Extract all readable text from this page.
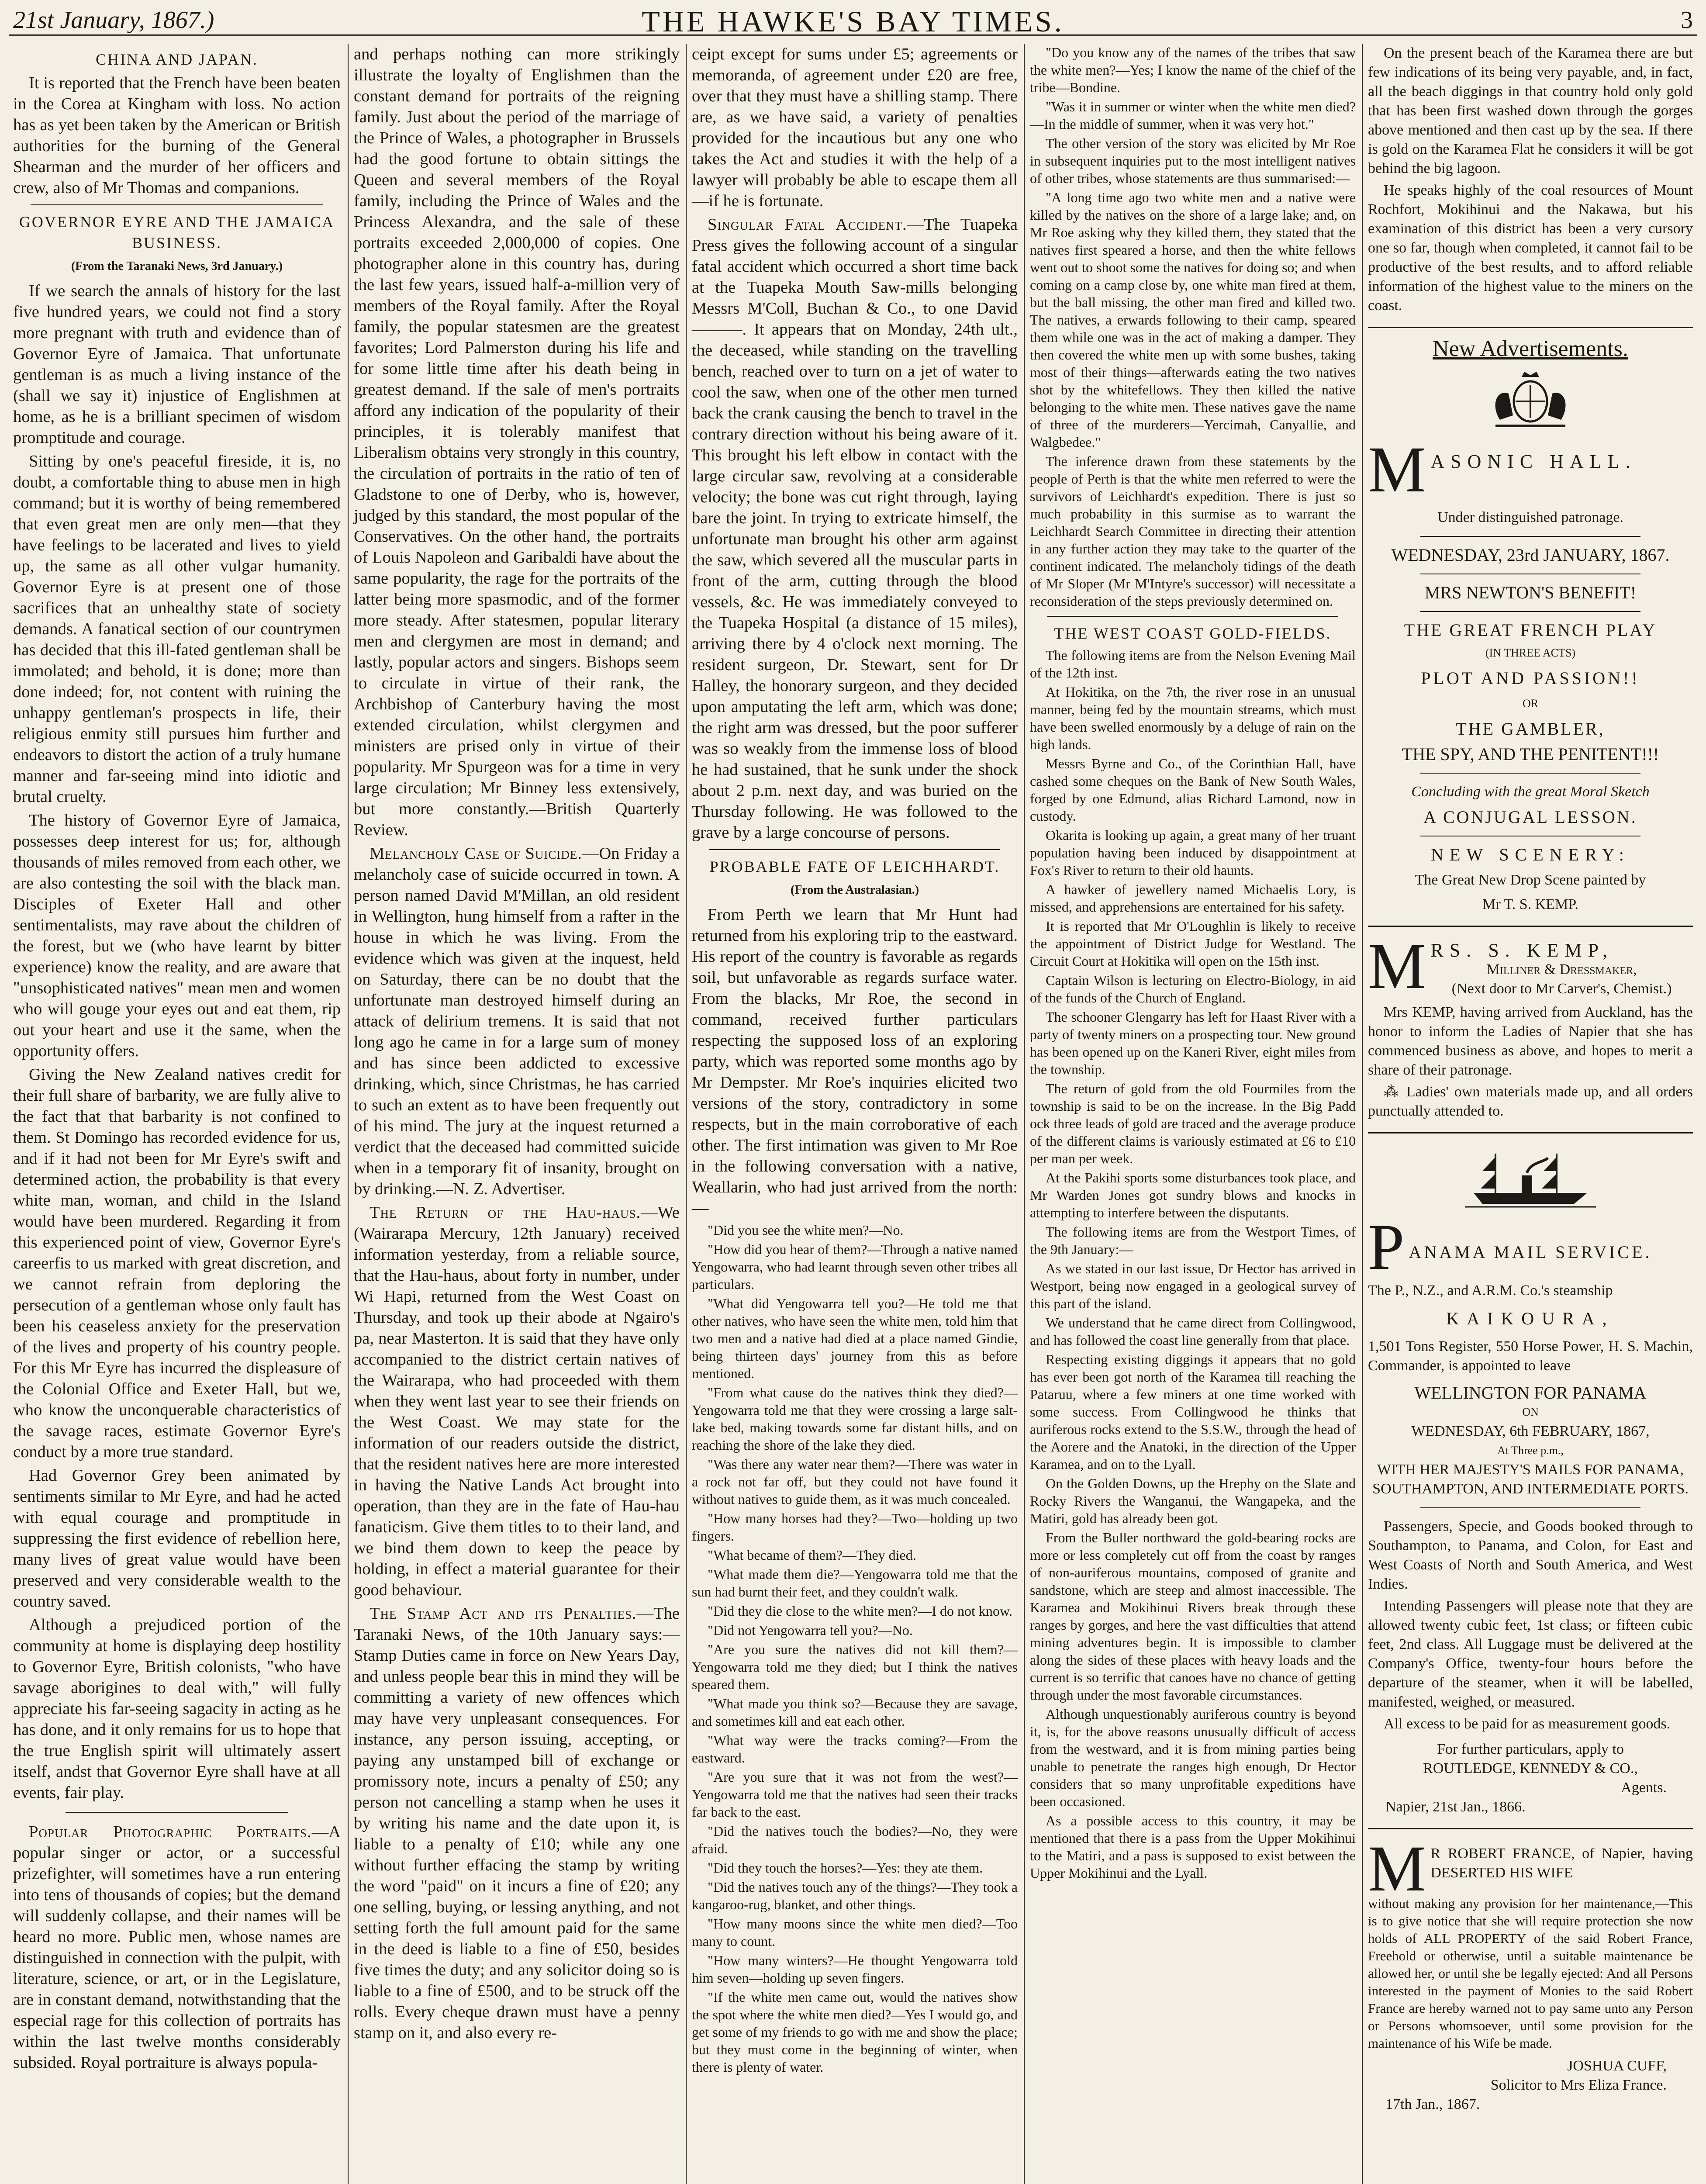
21st January, 1867.)	THE HAWKE'S BAY TIMES.	3
CHINA AND JAPAN.

It is reported that the French have been beaten in the Corea at Kingham with loss. No action has as yet been taken by the American or British authorities for the burning of the General Shearman and the murder of her officers and crew, also of Mr Thomas and companions.

GOVERNOR EYRE AND THE JAMAICA BUSINESS.
(From the Taranaki News, 3rd January.)

If we search the annals of history for the last five hundred years, we could not find a story more pregnant with truth and evidence than of Governor Eyre of Jamaica. That unfortunate gentleman is as much a living instance of the (shall we say it) injustice of Englishmen at home, as he is a brilliant specimen of wisdom promptitude and courage.

Sitting by one's peaceful fireside, it is, no doubt, a comfortable thing to abuse men in high command; but it is worthy of being remembered that even great men are only men—that they have feelings to be lacerated and lives to yield up, the same as all other vulgar humanity. Governor Eyre is at present one of those sacrifices that an unhealthy state of society demands. A fanatical section of our countrymen has decided that this ill-fated gentleman shall be immolated; and behold, it is done; more than done indeed; for, not content with ruining the unhappy gentleman's prospects in life, their religious enmity still pursues him further and endeavors to distort the action of a truly humane manner and far-seeing mind into idiotic and brutal cruelty.

The history of Governor Eyre of Jamaica, possesses deep interest for us; for, although thousands of miles removed from each other, we are also contesting the soil with the black man. Disciples of Exeter Hall and other sentimentalists, may rave about the children of the forest, but we (who have learnt by bitter experience) know the reality, and are aware that "unsophisticated natives" mean men and women who will gouge your eyes out and eat them, rip out your heart and use it the same, when the opportunity offers.

Giving the New Zealand natives credit for their full share of barbarity, we are fully alive to the fact that that barbarity is not confined to them. St Domingo has recorded evidence for us, and if it had not been for Mr Eyre's swift and determined action, the probability is that every white man, woman, and child in the Island would have been murdered. Regarding it from this experienced point of view, Governor Eyre's careerfis to us marked with great discretion, and we cannot refrain from deploring the persecution of a gentleman whose only fault has been his ceaseless anxiety for the preservation of the lives and property of his country people. For this Mr Eyre has incurred the displeasure of the Colonial Office and Exeter Hall, but we, who know the unconquerable characteristics of the savage races, estimate Governor Eyre's conduct by a more true standard.

Had Governor Grey been animated by sentiments similar to Mr Eyre, and had he acted with equal courage and promptitude in suppressing the first evidence of rebellion here, many lives of great value would have been preserved and very considerable wealth to the country saved.

Although a prejudiced portion of the community at home is displaying deep hostility to Governor Eyre, British colonists, "who have savage aborigines to deal with," will fully appreciate his far-seeing sagacity in acting as he has done, and it only remains for us to hope that the true English spirit will ultimately assert itself, andst that Governor Eyre shall have at all events, fair play.

Popular Photographic Portraits.—A popular singer or actor, or a successful prizefighter, will sometimes have a run entering into tens of thousands of copies; but the demand will suddenly collapse, and their names will be heard no more. Public men, whose names are distinguished in connection with the pulpit, with literature, science, or art, or in the Legislature, are in constant demand, notwithstanding that the especial rage for this collection of portraits has within the last twelve months considerably subsided. Royal portraiture is always popula-

and perhaps nothing can more strikingly illustrate the loyalty of Englishmen than the constant demand for portraits of the reigning family. Just about the period of the marriage of the Prince of Wales, a photographer in Brussels had the good fortune to obtain sittings the Queen and several members of the Royal family, including the Prince of Wales and the Princess Alexandra, and the sale of these portraits exceeded 2,000,000 of copies. One photographer alone in this country has, during the last few years, issued half-a-million very of members of the Royal family. After the Royal family, the popular statesmen are the greatest favorites; Lord Palmerston during his life and for some little time after his death being in greatest demand. If the sale of men's portraits afford any indication of the popularity of their principles, it is tolerably manifest that Liberalism obtains very strongly in this country, the circulation of portraits in the ratio of ten of Gladstone to one of Derby, who is, however, judged by this standard, the most popular of the Conservatives. On the other hand, the portraits of Louis Napoleon and Garibaldi have about the same popularity, the rage for the portraits of the latter being more spasmodic, and of the former more steady. After statesmen, popular literary men and clergymen are most in demand; and lastly, popular actors and singers. Bishops seem to circulate in virtue of their rank, the Archbishop of Canterbury having the most extended circulation, whilst clergymen and ministers are prised only in virtue of their popularity. Mr Spurgeon was for a time in very large circulation; Mr Binney less extensively, but more constantly.—British Quarterly Review.

Melancholy Case of Suicide.—On Friday a melancholy case of suicide occurred in town. A person named David M'Millan, an old resident in Wellington, hung himself from a rafter in the house in which he was living. From the evidence which was given at the inquest, held on Saturday, there can be no doubt that the unfortunate man destroyed himself during an attack of delirium tremens. It is said that not long ago he came in for a large sum of money and has since been addicted to excessive drinking, which, since Christmas, he has carried to such an extent as to have been frequently out of his mind. The jury at the inquest returned a verdict that the deceased had committed suicide when in a temporary fit of insanity, brought on by drinking.—N. Z. Advertiser.

The Return of the Hau-haus.—We (Wairarapa Mercury, 12th January) received information yesterday, from a reliable source, that the Hau-haus, about forty in number, under Wi Hapi, returned from the West Coast on Thursday, and took up their abode at Ngairo's pa, near Masterton. It is said that they have only accompanied to the district certain natives of the Wairarapa, who had proceeded with them when they went last year to see their friends on the West Coast. We may state for the information of our readers outside the district, that the resident natives here are more interested in having the Native Lands Act brought into operation, than they are in the fate of Hau-hau fanaticism. Give them titles to to their land, and we bind them down to keep the peace by holding, in effect a material guarantee for their good behaviour.

The Stamp Act and its Penalties.—The Taranaki News, of the 10th January says:—Stamp Duties came in force on New Years Day, and unless people bear this in mind they will be committing a variety of new offences which may have very unpleasant consequences. For instance, any person issuing, accepting, or paying any unstamped bill of exchange or promissory note, incurs a penalty of £50; any person not cancelling a stamp when he uses it by writing his name and the date upon it, is liable to a penalty of £10; while any one without further effacing the stamp by writing the word "paid" on it incurs a fine of £20; any one selling, buying, or lessing anything, and not setting forth the full amount paid for the same in the deed is liable to a fine of £50, besides five times the duty; and any solicitor doing so is liable to a fine of £500, and to be struck off the rolls. Every cheque drawn must have a penny stamp on it, and also every re-

ceipt except for sums under £5; agreements or memoranda, of agreement under £20 are free, over that they must have a shilling stamp. There are, as we have said, a variety of penalties provided for the incautious but any one who takes the Act and studies it with the help of a lawyer will probably be able to escape them all—if he is fortunate.

Singular Fatal Accident.—The Tuapeka Press gives the following account of a singular fatal accident which occurred a short time back at the Tuapeka Mouth Saw-mills belonging Messrs M'Coll, Buchan & Co., to one David ———. It appears that on Monday, 24th ult., the deceased, while standing on the travelling bench, reached over to turn on a jet of water to cool the saw, when one of the other men turned back the crank causing the bench to travel in the contrary direction without his being aware of it. This brought his left elbow in contact with the large circular saw, revolving at a considerable velocity; the bone was cut right through, laying bare the joint. In trying to extricate himself, the unfortunate man brought his other arm against the saw, which severed all the muscular parts in front of the arm, cutting through the blood vessels, &c. He was immediately conveyed to the Tuapeka Hospital (a distance of 15 miles), arriving there by 4 o'clock next morning. The resident surgeon, Dr. Stewart, sent for Dr Halley, the honorary surgeon, and they decided upon amputating the left arm, which was done; the right arm was dressed, but the poor sufferer was so weakly from the immense loss of blood he had sustained, that he sunk under the shock about 2 p.m. next day, and was buried on the Thursday following. He was followed to the grave by a large concourse of persons.

PROBABLE FATE OF LEICHHARDT.
(From the Australasian.)

From Perth we learn that Mr Hunt had returned from his exploring trip to the eastward. His report of the country is favorable as regards soil, but unfavorable as regards surface water. From the blacks, Mr Roe, the second in command, received further particulars respecting the supposed loss of an exploring party, which was reported some months ago by Mr Dempster. Mr Roe's inquiries elicited two versions of the story, contradictory in some respects, but in the main corroborative of each other. The first intimation was given to Mr Roe in the following conversation with a native, Weallarin, who had just arrived from the north:—

"Did you see the white men?—No.

"How did you hear of them?—Through a native named Yengowarra, who had learnt through seven other tribes all particulars.

"What did Yengowarra tell you?—He told me that other natives, who have seen the white men, told him that two men and a native had died at a place named Gindie, being thirteen days' journey from this as before mentioned.

"From what cause do the natives think they died?—Yengowarra told me that they were crossing a large salt-lake bed, making towards some far distant hills, and on reaching the shore of the lake they died.

"Was there any water near them?—There was water in a rock not far off, but they could not have found it without natives to guide them, as it was much concealed.

"How many horses had they?—Two—holding up two fingers.

"What became of them?—They died.

"What made them die?—Yengowarra told me that the sun had burnt their feet, and they couldn't walk.

"Did they die close to the white men?—I do not know.

"Did not Yengowarra tell you?—No.

"Are you sure the natives did not kill them?—Yengowarra told me they died; but I think the natives speared them.

"What made you think so?—Because they are savage, and sometimes kill and eat each other.

"What way were the tracks coming?—From the eastward.

"Are you sure that it was not from the west?—Yengowarra told me that the natives had seen their tracks far back to the east.

"Did the natives touch the bodies?—No, they were afraid.

"Did they touch the horses?—Yes: they ate them.

"Did the natives touch any of the things?—They took a kangaroo-rug, blanket, and other things.

"How many moons since the white men died?—Too many to count.

"How many winters?—He thought Yengowarra told him seven—holding up seven fingers.

"If the white men came out, would the natives show the spot where the white men died?—Yes I would go, and get some of my friends to go with me and show the place; but they must come in the beginning of winter, when there is plenty of water.

"Do you know any of the names of the tribes that saw the white men?—Yes; I know the name of the chief of the tribe—Bondine.

"Was it in summer or winter when the white men died?—In the middle of summer, when it was very hot."

The other version of the story was elicited by Mr Roe in subsequent inquiries put to the most intelligent natives of other tribes, whose statements are thus summarised:—

"A long time ago two white men and a native were killed by the natives on the shore of a large lake; and, on Mr Roe asking why they killed them, they stated that the natives first speared a horse, and then the white fellows went out to shoot some the natives for doing so; and when coming on a camp close by, one white man fired at them, but the ball missing, the other man fired and killed two. The natives, a erwards following to their camp, speared them while one was in the act of making a damper. They then covered the white men up with some bushes, taking most of their things—afterwards eating the two natives shot by the whitefellows. They then killed the native belonging to the white men. These natives gave the name of three of the murderers—Yercimah, Canyallie, and Walgbedee."

The inference drawn from these statements by the people of Perth is that the white men referred to were the survivors of Leichhardt's expedition. There is just so much probability in this surmise as to warrant the Leichhardt Search Committee in directing their attention in any further action they may take to the quarter of the continent indicated. The melancholy tidings of the death of Mr Sloper (Mr M'Intyre's successor) will necessitate a reconsideration of the steps previously determined on.

THE WEST COAST GOLD-FIELDS.

The following items are from the Nelson Evening Mail of the 12th inst.

At Hokitika, on the 7th, the river rose in an unusual manner, being fed by the mountain streams, which must have been swelled enormously by a deluge of rain on the high lands.

Messrs Byrne and Co., of the Corinthian Hall, have cashed some cheques on the Bank of New South Wales, forged by one Edmund, alias Richard Lamond, now in custody.

Okarita is looking up again, a great many of her truant population having been induced by disappointment at Fox's River to return to their old haunts.

A hawker of jewellery named Michaelis Lory, is missed, and apprehensions are entertained for his safety.

It is reported that Mr O'Loughlin is likely to receive the appointment of District Judge for Westland. The Circuit Court at Hokitika will open on the 15th inst.

Captain Wilson is lecturing on Electro-Biology, in aid of the funds of the Church of England.

The schooner Glengarry has left for Haast River with a party of twenty miners on a prospecting tour. New ground has been opened up on the Kaneri River, eight miles from the township.

The return of gold from the old Fourmiles from the township is said to be on the increase. In the Big Padd ock three leads of gold are traced and the average produce of the different claims is variously estimated at £6 to £10 per man per week.

At the Pakihi sports some disturbances took place, and Mr Warden Jones got sundry blows and knocks in attempting to interfere between the disputants.

The following items are from the Westport Times, of the 9th January:—

As we stated in our last issue, Dr Hector has arrived in Westport, being now engaged in a geological survey of this part of the island.

We understand that he came direct from Collingwood, and has followed the coast line generally from that place.

Respecting existing diggings it appears that no gold has ever been got north of the Karamea till reaching the Pataruu, where a few miners at one time worked with some success. From Collingwood he thinks that auriferous rocks extend to the S.S.W., through the head of the Aorere and the Anatoki, in the direction of the Upper Karamea, and on to the Lyall.

On the Golden Downs, up the Hrephy on the Slate and Rocky Rivers the Wanganui, the Wangapeka, and the Matiri, gold has already been got.

From the Buller northward the gold-bearing rocks are more or less completely cut off from the coast by ranges of non-auriferous mountains, composed of granite and sandstone, which are steep and almost inaccessible. The Karamea and Mokihinui Rivers break through these ranges by gorges, and here the vast difficulties that attend mining adventures begin. It is impossible to clamber along the sides of these places with heavy loads and the current is so terrific that canoes have no chance of getting through under the most favorable circumstances.

Although unquestionably auriferous country is beyond it, is, for the above reasons unusually difficult of access from the westward, and it is from mining parties being unable to penetrate the ranges high enough, Dr Hector considers that so many unprofitable expeditions have been occasioned.

As a possible access to this country, it may be mentioned that there is a pass from the Upper Mokihinui to the Matiri, and a pass is supposed to exist between the Upper Mokihinui and the Lyall.

On the present beach of the Karamea there are but few indications of its being very payable, and, in fact, all the beach diggings in that country hold only gold that has been first washed down through the gorges above mentioned and then cast up by the sea. If there is gold on the Karamea Flat he considers it will be got behind the big lagoon.

He speaks highly of the coal resources of Mount Rochfort, Mokihinui and the Nakawa, but his examination of this district has been a very cursory one so far, though when completed, it cannot fail to be productive of the best results, and to afford reliable information of the highest value to the miners on the coast.

New Advertisements.
M ASONIC HALL.
Under distinguished patronage.
WEDNESDAY, 23rd JANUARY, 1867.
MRS NEWTON'S BENEFIT!
THE GREAT FRENCH PLAY
(IN THREE ACTS)
PLOT AND PASSION!!
OR
THE GAMBLER,
THE SPY, AND THE PENITENT!!!
Concluding with the great Moral Sketch
A CONJUGAL LESSON.
NEW SCENERY:
The Great New Drop Scene painted by
Mr T. S. KEMP.
M RS. S. KEMP,
Milliner & Dressmaker,
(Next door to Mr Carver's, Chemist.)

Mrs KEMP, having arrived from Auckland, has the honor to inform the Ladies of Napier that she has commenced business as above, and hopes to merit a share of their patronage.

⁂ Ladies' own materials made up, and all orders punctually attended to.

P ANAMA MAIL SERVICE.
The P., N.Z., and A.R.M. Co.'s steamship
KAIKOURA,
1,501 Tons Register, 550 Horse Power, H. S. Machin, Commander, is appointed to leave
WELLINGTON FOR PANAMA
ON
WEDNESDAY, 6th FEBRUARY, 1867,
At Three p.m.,
WITH HER MAJESTY'S MAILS FOR PANAMA, SOUTHAMPTON, AND INTERMEDIATE PORTS.

Passengers, Specie, and Goods booked through to Southampton, to Panama, and Colon, for East and West Coasts of North and South America, and West Indies.

Intending Passengers will please note that they are allowed twenty cubic feet, 1st class; or fifteen cubic feet, 2nd class. All Luggage must be delivered at the Company's Office, twenty-four hours before the departure of the steamer, when it will be labelled, manifested, weighed, or measured.

All excess to be paid for as measurement goods.

For further particulars, apply to
ROUTLEDGE, KENNEDY & CO.,
Agents.
Napier, 21st Jan., 1866.
M R ROBERT FRANCE, of Napier, having DESERTED HIS WIFE

without making any provision for her maintenance,—This is to give notice that she will require protection she now holds of ALL PROPERTY of the said Robert France, Freehold or otherwise, until a suitable maintenance be allowed her, or until she be legally ejected: And all Persons interested in the payment of Monies to the said Robert France are hereby warned not to pay same unto any Person or Persons whomsoever, until some provision for the maintenance of his Wife be made.

JOSHUA CUFF,
Solicitor to Mrs Eliza France.
17th Jan., 1867.
